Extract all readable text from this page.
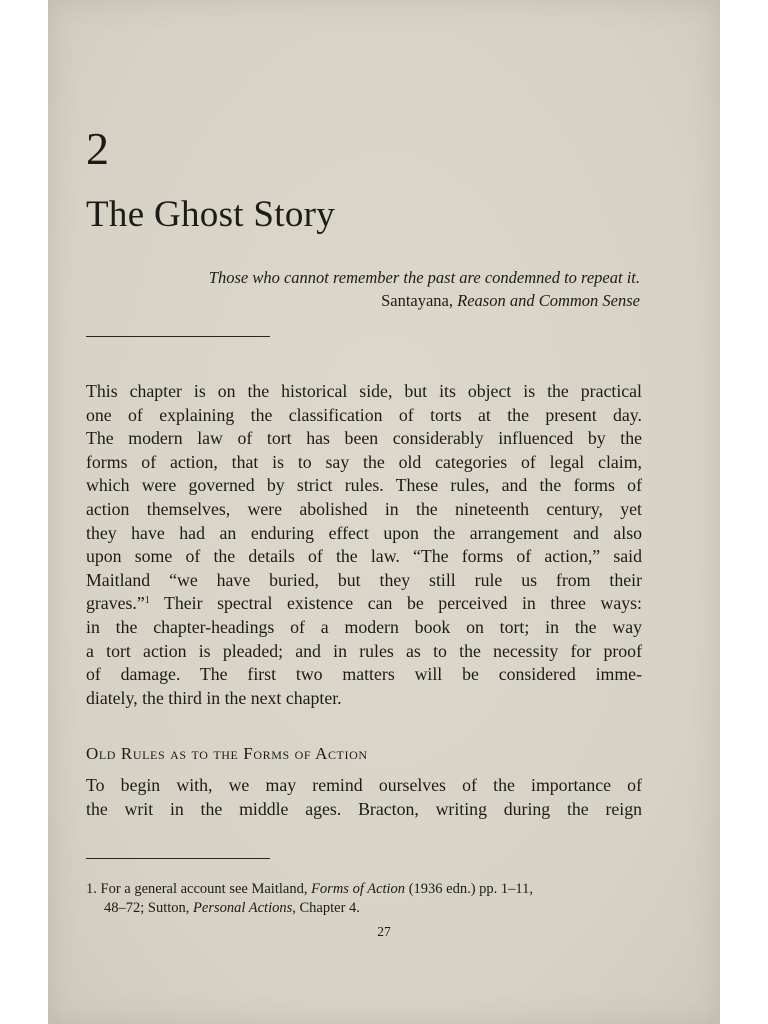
2
The Ghost Story
Those who cannot remember the past are condemned to repeat it.
Santayana, Reason and Common Sense
This chapter is on the historical side, but its object is the practical
one of explaining the classification of torts at the present day.
The modern law of tort has been considerably influenced by the
forms of action, that is to say the old categories of legal claim,
which were governed by strict rules. These rules, and the forms of
action themselves, were abolished in the nineteenth century, yet
they have had an enduring effect upon the arrangement and also
upon some of the details of the law. “The forms of action,” said
Maitland “we have buried, but they still rule us from their
graves.”$^1$ Their spectral existence can be perceived in three ways:
in the chapter-headings of a modern book on tort; in the way
a tort action is pleaded; and in rules as to the necessity for proof
of damage. The first two matters will be considered imme-
diately, the third in the next chapter.
Old Rules as to the Forms of Action
To begin with, we may remind ourselves of the importance of
the writ in the middle ages. Bracton, writing during the reign
1. For a general account see Maitland, Forms of Action (1936 edn.) pp. 1–11,
48–72; Sutton, Personal Actions, Chapter 4.
27
